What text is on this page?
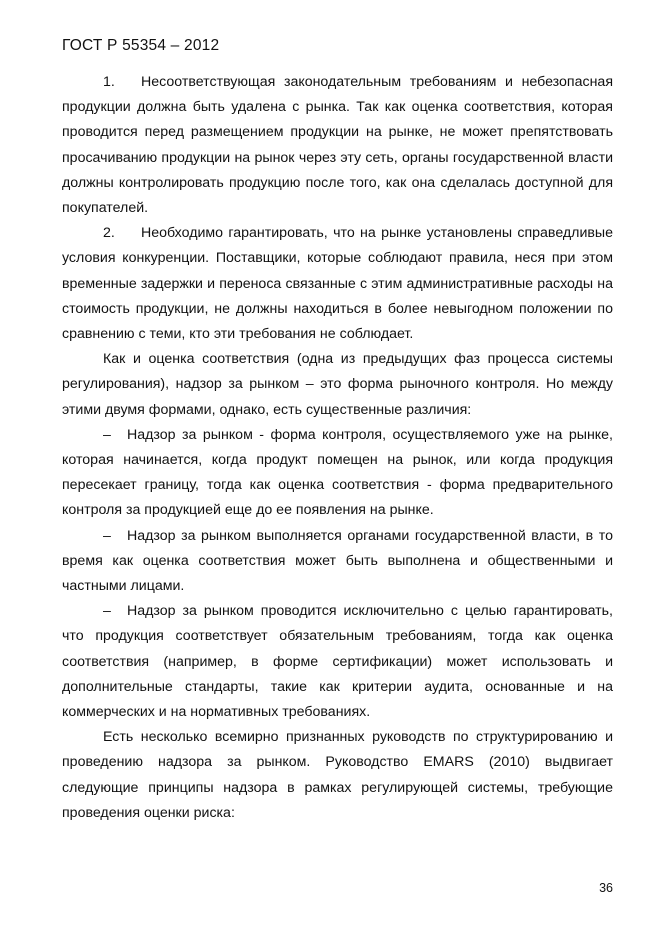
ГОСТ Р 55354 – 2012

1. Несоответствующая законодательным требованиям и небезопасная продукции должна быть удалена с рынка. Так как оценка соответствия, которая проводится перед размещением продукции на рынке, не может препятствовать просачиванию продукции на рынок через эту сеть, органы государственной власти должны контролировать продукцию после того, как она сделалась доступной для покупателей.

2. Необходимо гарантировать, что на рынке установлены справедливые условия конкуренции. Поставщики, которые соблюдают правила, неся при этом временные задержки и переноса связанные с этим административные расходы на стоимость продукции, не должны находиться в более невыгодном положении по сравнению с теми, кто эти требования не соблюдает.

Как и оценка соответствия (одна из предыдущих фаз процесса системы регулирования), надзор за рынком – это форма рыночного контроля. Но между этими двумя формами, однако, есть существенные различия:

– Надзор за рынком - форма контроля, осуществляемого уже на рынке, которая начинается, когда продукт помещен на рынок, или когда продукция пересекает границу, тогда как оценка соответствия - форма предварительного контроля за продукцией еще до ее появления на рынке.

– Надзор за рынком выполняется органами государственной власти, в то время как оценка соответствия может быть выполнена и общественными и частными лицами.

– Надзор за рынком проводится исключительно с целью гарантировать, что продукция соответствует обязательным требованиям, тогда как оценка соответствия (например, в форме сертификации) может использовать и дополнительные стандарты, такие как критерии аудита, основанные и на коммерческих и на нормативных требованиях.

Есть несколько всемирно признанных руководств по структурированию и проведению надзора за рынком. Руководство EMARS (2010) выдвигает следующие принципы надзора в рамках регулирующей системы, требующие проведения оценки риска:

36
